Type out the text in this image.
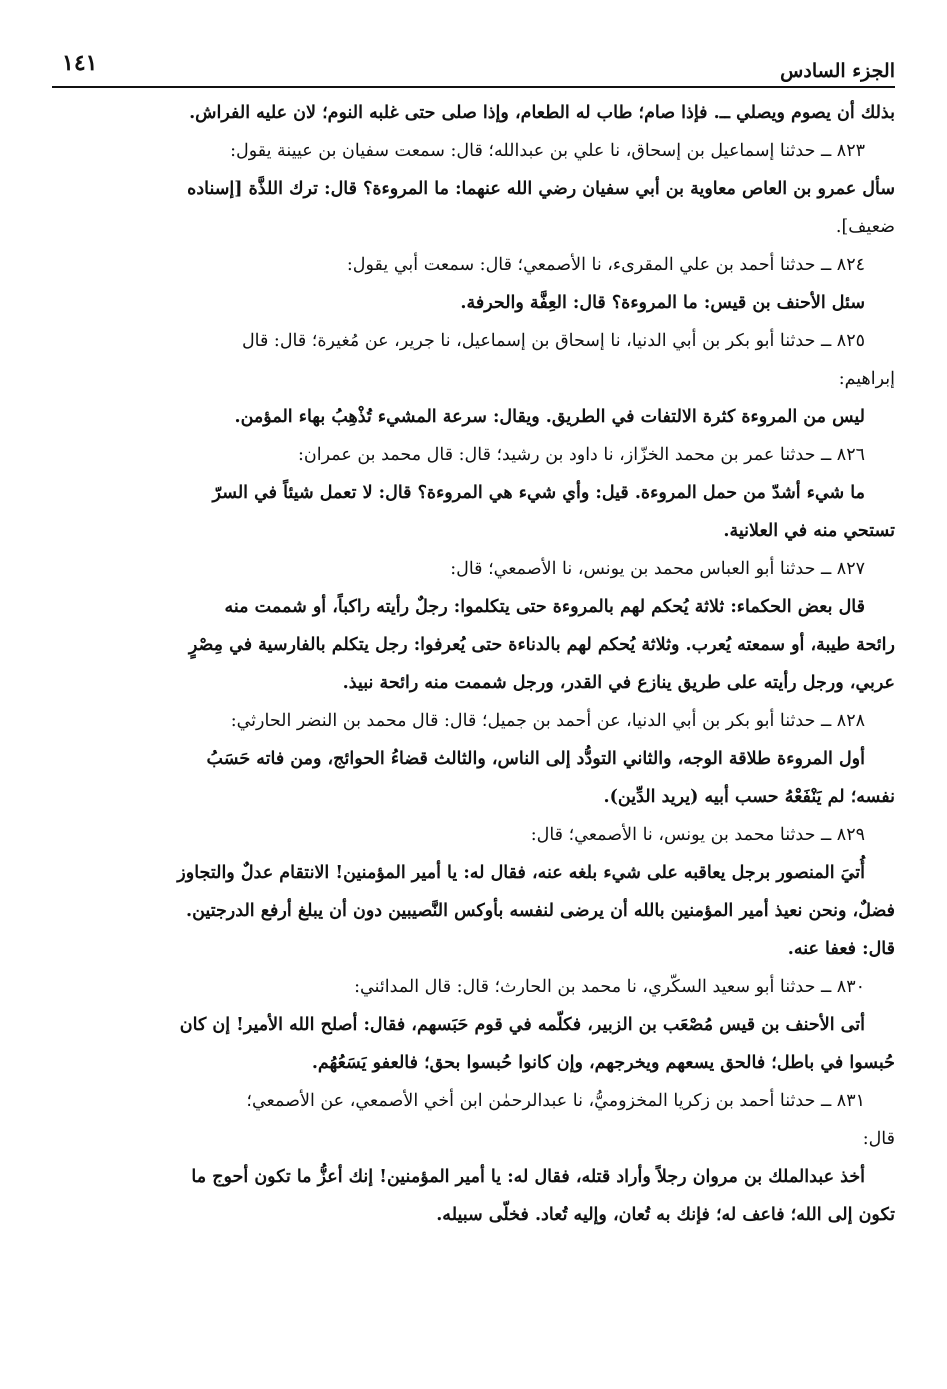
الجزء السادس
١٤١
بذلك أن يصوم ويصلي ــ. فإذا صام؛ طاب له الطعام، وإذا صلى حتى غلبه النوم؛ لان عليه الفراش.
٨٢٣ ــ حدثنا إسماعيل بن إسحاق، نا علي بن عبدالله؛ قال: سمعت سفيان بن عيينة يقول:
سأل عمرو بن العاص معاوية بن أبي سفيان رضي الله عنهما: ما المروءة؟ قال: ترك اللذَّة [إسناده
ضعيف].
٨٢٤ ــ حدثنا أحمد بن علي المقرىء، نا الأصمعي؛ قال: سمعت أبي يقول:
سئل الأحنف بن قيس: ما المروءة؟ قال: العِفَّة والحرفة.
٨٢٥ ــ حدثنا أبو بكر بن أبي الدنيا، نا إسحاق بن إسماعيل، نا جرير، عن مُغيرة؛ قال: قال
إبراهيم:
ليس من المروءة كثرة الالتفات في الطريق. ويقال: سرعة المشيء تُذْهِبُ بهاء المؤمن.
٨٢٦ ــ حدثنا عمر بن محمد الخزّاز، نا داود بن رشيد؛ قال: قال محمد بن عمران:
ما شيء أشدّ من حمل المروءة. قيل: وأي شيء هي المروءة؟ قال: لا تعمل شيئاً في السرّ
تستحي منه في العلانية.
٨٢٧ ــ حدثنا أبو العباس محمد بن يونس، نا الأصمعي؛ قال:
قال بعض الحكماء: ثلاثة يُحكم لهم بالمروءة حتى يتكلموا: رجلٌ رأيته راكباً، أو شممت منه
رائحة طيبة، أو سمعته يُعرب. وثلاثة يُحكم لهم بالدناءة حتى يُعرفوا: رجل يتكلم بالفارسية في مِصْرٍ
عربي، ورجل رأيته على طريق ينازع في القدر، ورجل شممت منه رائحة نبيذ.
٨٢٨ ــ حدثنا أبو بكر بن أبي الدنيا، عن أحمد بن جميل؛ قال: قال محمد بن النضر الحارثي:
أول المروءة طلاقة الوجه، والثاني التودُّد إلى الناس، والثالث قضاءُ الحوائج، ومن فاته حَسَبُ
نفسه؛ لم يَنْفَعْهُ حسب أبيه (يريد الدِّين).
٨٢٩ ــ حدثنا محمد بن يونس، نا الأصمعي؛ قال:
أُتيَ المنصور برجل يعاقبه على شيء بلغه عنه، فقال له: يا أمير المؤمنين! الانتقام عدلٌ والتجاوز
فضلٌ، ونحن نعيذ أمير المؤمنين بالله أن يرضى لنفسه بأوكس النَّصيبين دون أن يبلغ أرفع الدرجتين.
قال: فعفا عنه.
٨٣٠ ــ حدثنا أبو سعيد السكّري، نا محمد بن الحارث؛ قال: قال المدائني:
أتى الأحنف بن قيس مُصْعَب بن الزبير، فكلّمه في قوم حَبَسهم، فقال: أصلح الله الأمير! إن كان
حُبسوا في باطل؛ فالحق يسعهم ويخرجهم، وإن كانوا حُبسوا بحق؛ فالعفو يَسَعُهُم.
٨٣١ ــ حدثنا أحمد بن زكريا المخزوميُّ، نا عبدالرحمٰن ابن أخي الأصمعي، عن الأصمعي؛
قال:
أخذ عبدالملك بن مروان رجلاً وأراد قتله، فقال له: يا أمير المؤمنين! إنك أعزُّ ما تكون أحوج ما
تكون إلى الله؛ فاعف له؛ فإنك به تُعان، وإليه تُعاد. فخلّى سبيله.
